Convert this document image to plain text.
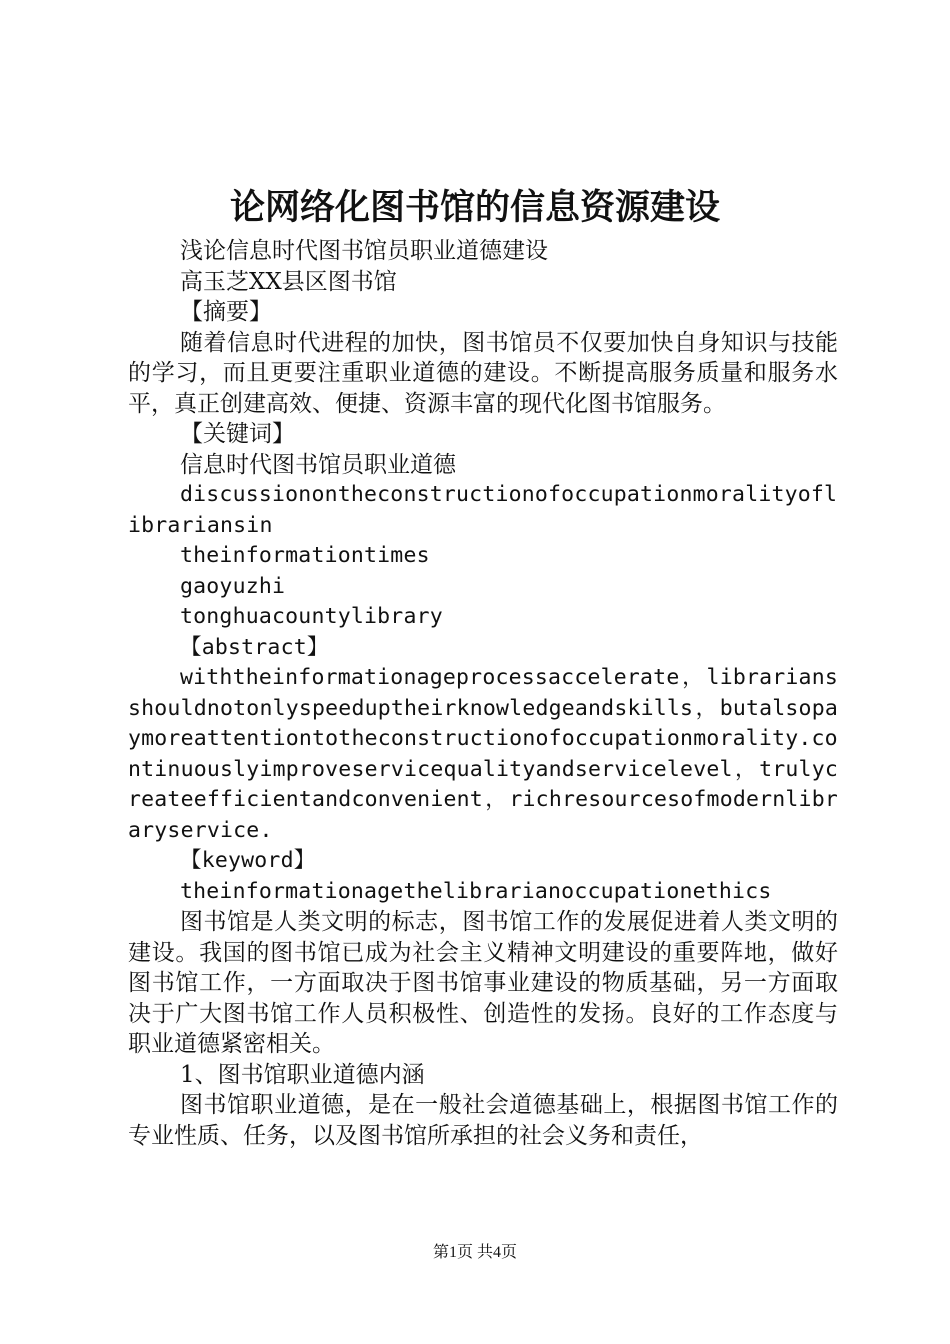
论网络化图书馆的信息资源建设

浅论信息时代图书馆员职业道德建设

高玉芝XX县区图书馆

【摘要】

随着信息时代进程的加快，图书馆员不仅要加快自身知识与技能的学习，而且更要注重职业道德的建设。不断提高服务质量和服务水平，真正创建高效、便捷、资源丰富的现代化图书馆服务。

【关键词】

信息时代图书馆员职业道德

discussionontheconstructionofoccupationmoralityoflibrariansin

theinformationtimes

gaoyuzhi

tonghuacountylibrary

【abstract】

withtheinformationageprocessaccelerate，librariansshouldnotonlyspeeduptheirknowledgeandskills，butalsopaymoreattentiontotheconstructionofoccupationmorality.continuouslyimproveservicequalityandservicelevel，trulycreateefficientandconvenient，richresourcesofmodernlibraryservice.

【keyword】

theinformationagethelibrarianoccupationethics

图书馆是人类文明的标志，图书馆工作的发展促进着人类文明的建设。我国的图书馆已成为社会主义精神文明建设的重要阵地，做好图书馆工作，一方面取决于图书馆事业建设的物质基础，另一方面取决于广大图书馆工作人员积极性、创造性的发扬。良好的工作态度与职业道德紧密相关。

1、图书馆职业道德内涵

图书馆职业道德，是在一般社会道德基础上，根据图书馆工作的专业性质、任务，以及图书馆所承担的社会义务和责任，

第1页 共4页
